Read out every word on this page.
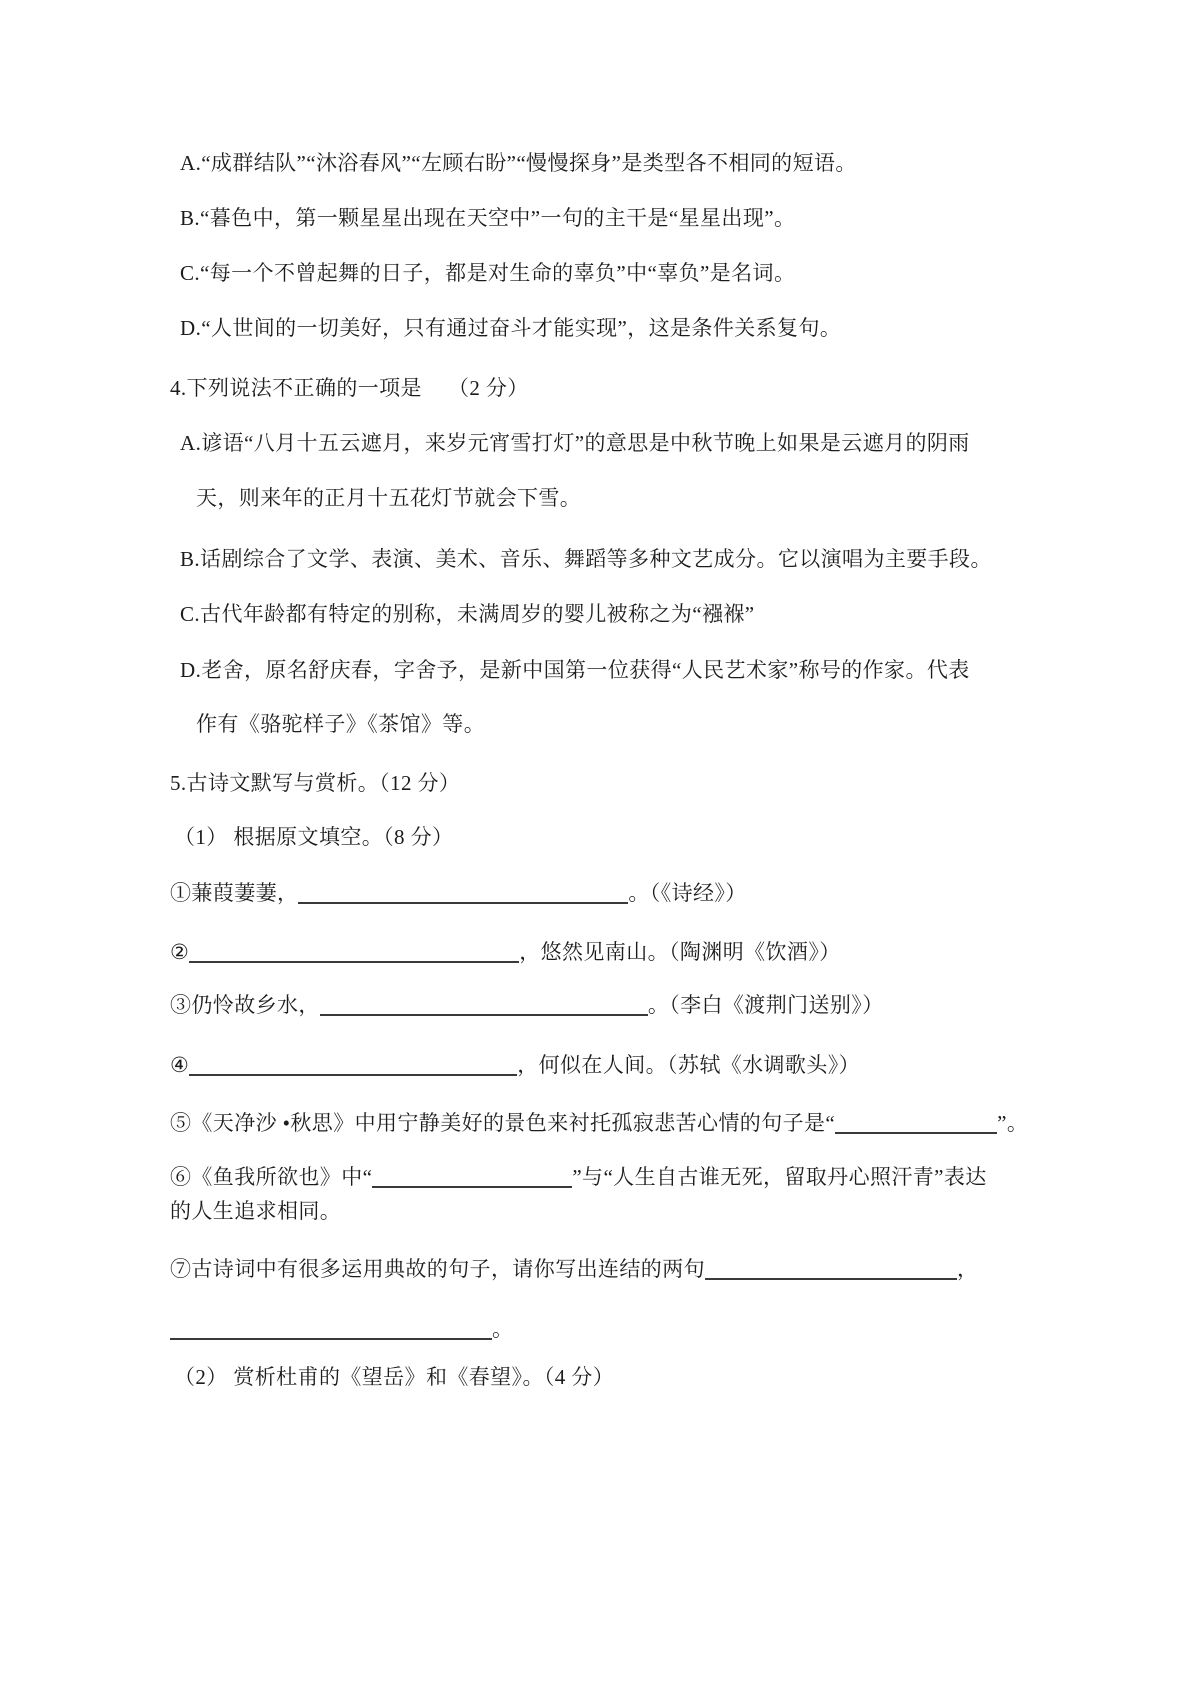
A.“成群结队”“沐浴春风”“左顾右盼”“慢慢探身”是类型各不相同的短语。

B.“暮色中，第一颗星星出现在天空中”一句的主干是“星星出现”。

C.“每一个不曾起舞的日子，都是对生命的辜负”中“辜负”是名词。

D.“人世间的一切美好，只有通过奋斗才能实现”，这是条件关系复句。

4.下列说法不正确的一项是 （2 分）

A.谚语“八月十五云遮月，来岁元宵雪打灯”的意思是中秋节晚上如果是云遮月的阴雨

天，则来年的正月十五花灯节就会下雪。

B.话剧综合了文学、表演、美术、音乐、舞蹈等多种文艺成分。它以演唱为主要手段。

C.古代年龄都有特定的别称，未满周岁的婴儿被称之为“襁褓”

D.老舍，原名舒庆春，字舍予，是新中国第一位获得“人民艺术家”称号的作家。代表

作有《骆驼样子》《茶馆》等。

5.古诗文默写与赏析。（12 分）

（1） 根据原文填空。（8 分）

①蒹葭萋萋，	。（《诗经》）

②	，悠然见南山。（陶渊明《饮酒》）

③仍怜故乡水，	。（李白《渡荆门送别》）

④	，何似在人间。（苏轼《水调歌头》）

⑤《天净沙 •秋思》中用宁静美好的景色来衬托孤寂悲苦心情的句子是“	”。

⑥《鱼我所欲也》中“	”与“人生自古谁无死，留取丹心照汗青”表达

的人生追求相同。

⑦古诗词中有很多运用典故的句子，请你写出连结的两句	，

。

（2） 赏析杜甫的《望岳》和《春望》。（4 分）
